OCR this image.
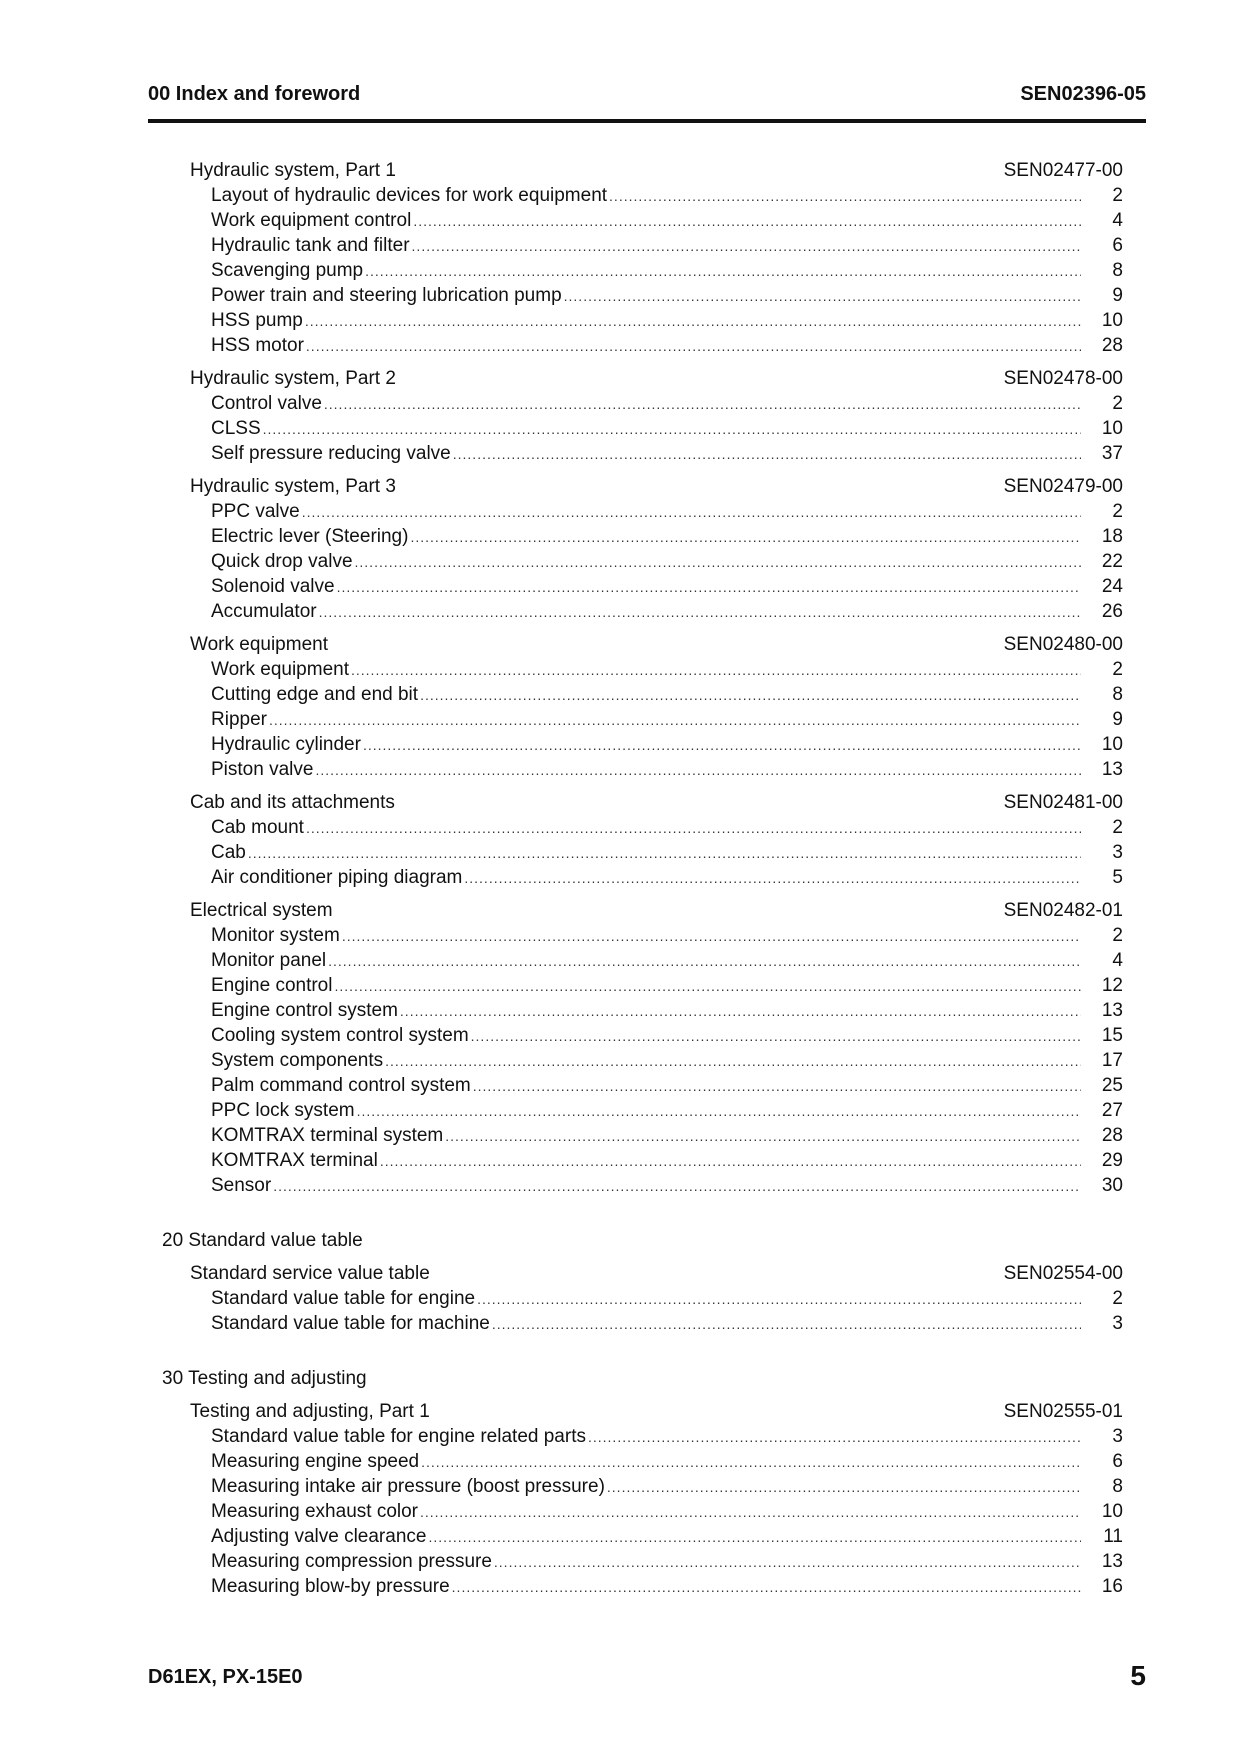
00 Index and foreword	SEN02396-05
Hydraulic system, Part 1	SEN02477-00
Layout of hydraulic devices for work equipment .....	2
Work equipment control .....	4
Hydraulic tank and filter .....	6
Scavenging pump .....	8
Power train and steering lubrication pump .....	9
HSS pump .....	10
HSS motor .....	28
Hydraulic system, Part 2	SEN02478-00
Control valve .....	2
CLSS .....	10
Self pressure reducing valve .....	37
Hydraulic system, Part 3	SEN02479-00
PPC valve .....	2
Electric lever (Steering) .....	18
Quick drop valve .....	22
Solenoid valve .....	24
Accumulator .....	26
Work equipment	SEN02480-00
Work equipment .....	2
Cutting edge and end bit .....	8
Ripper .....	9
Hydraulic cylinder .....	10
Piston valve .....	13
Cab and its attachments	SEN02481-00
Cab mount .....	2
Cab .....	3
Air conditioner piping diagram .....	5
Electrical system	SEN02482-01
Monitor system .....	2
Monitor panel .....	4
Engine control .....	12
Engine control system .....	13
Cooling system control system .....	15
System components .....	17
Palm command control system .....	25
PPC lock system .....	27
KOMTRAX terminal system .....	28
KOMTRAX terminal .....	29
Sensor .....	30
20 Standard value table
Standard service value table	SEN02554-00
Standard value table for engine .....	2
Standard value table for machine .....	3
30 Testing and adjusting
Testing and adjusting, Part 1	SEN02555-01
Standard value table for engine related parts .....	3
Measuring engine speed .....	6
Measuring intake air pressure (boost pressure) .....	8
Measuring exhaust color .....	10
Adjusting valve clearance .....	11
Measuring compression pressure .....	13
Measuring blow-by pressure .....	16
D61EX, PX-15E0	5
